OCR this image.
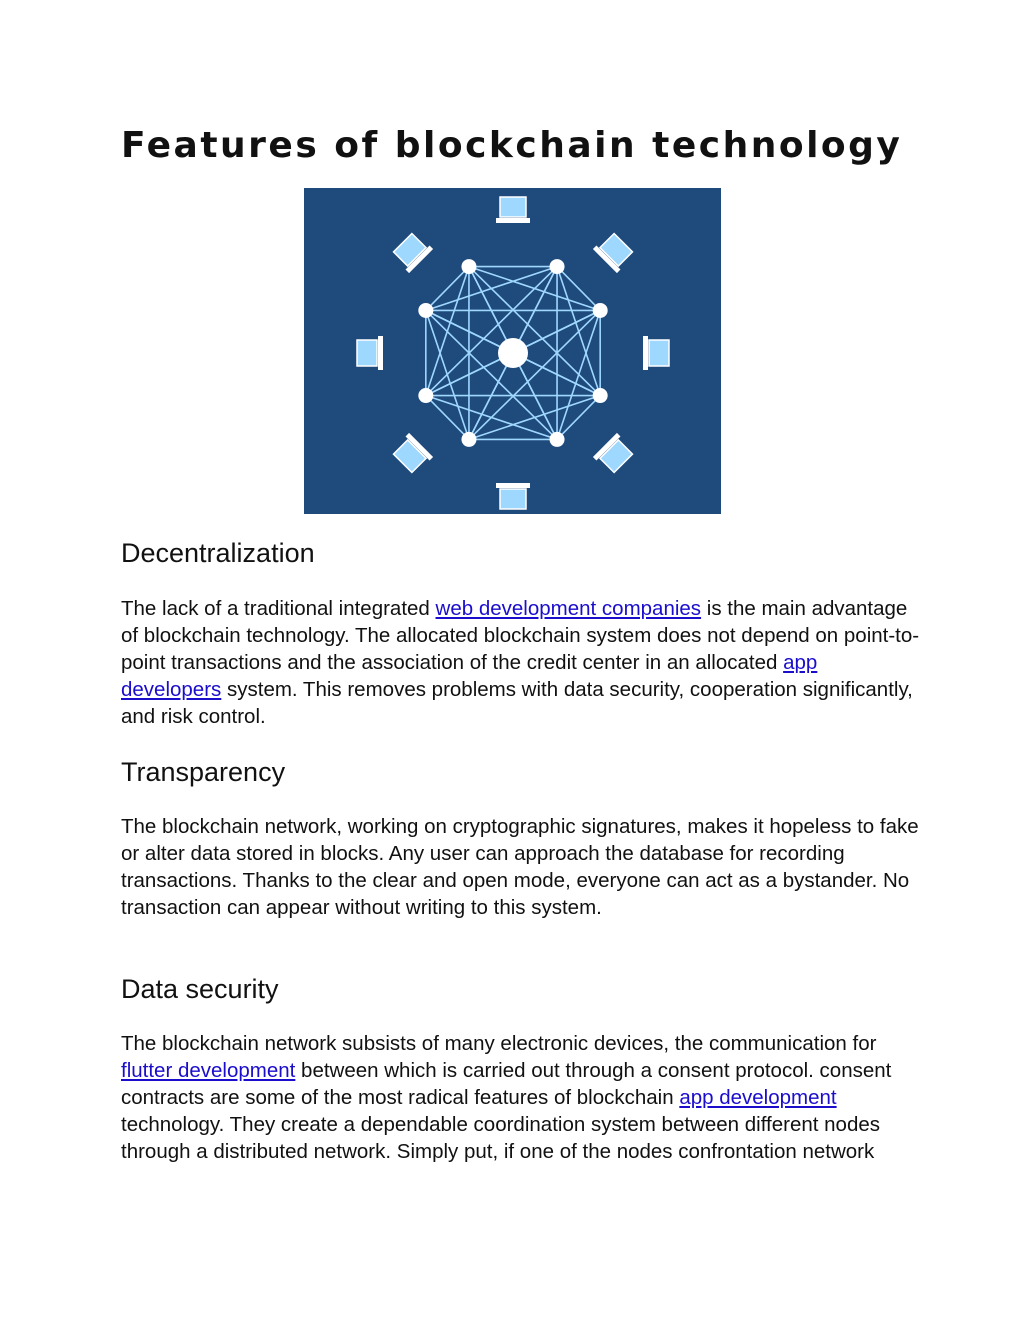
Features of blockchain technology
Decentralization

The lack of a traditional integrated web development companies is the main advantage of blockchain technology. The allocated blockchain system does not depend on point-to-point transactions and the association of the credit center in an allocated app developers system. This removes problems with data security, cooperation significantly, and risk control.

Transparency

The blockchain network, working on cryptographic signatures, makes it hopeless to fake or alter data stored in blocks. Any user can approach the database for recording transactions. Thanks to the clear and open mode, everyone can act as a bystander. No transaction can appear without writing to this system.

Data security

The blockchain network subsists of many electronic devices, the communication for flutter development between which is carried out through a consent protocol. consent contracts are some of the most radical features of blockchain app development technology. They create a dependable coordination system between different nodes through a distributed network. Simply put, if one of the nodes confrontation network
